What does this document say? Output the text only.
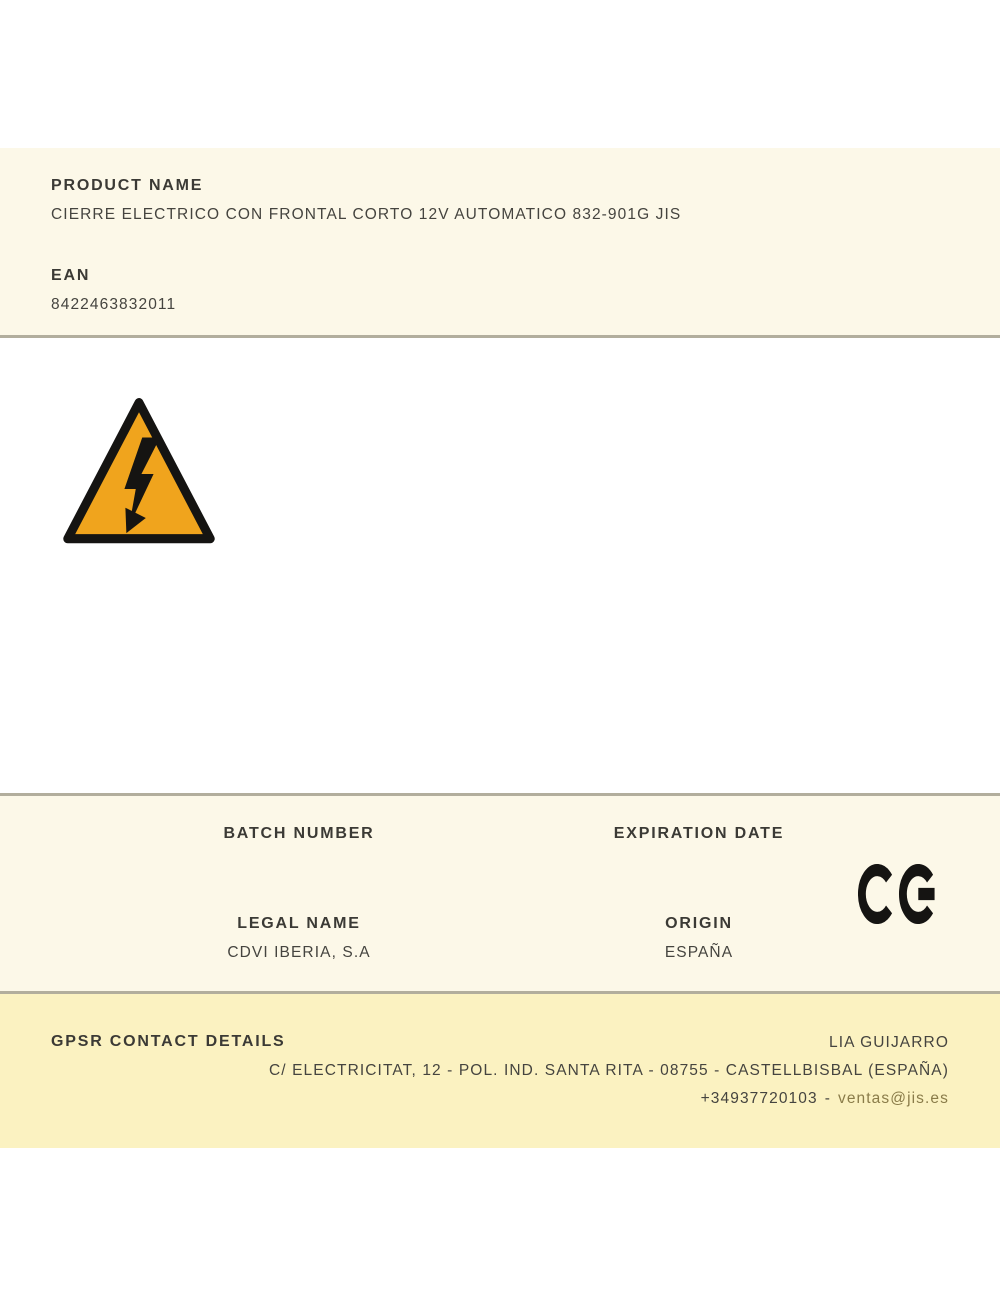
PRODUCT NAME
CIERRE ELECTRICO CON FRONTAL CORTO 12V AUTOMATICO 832-901G JIS
EAN
8422463832011
BATCH NUMBER	EXPIRATION DATE
LEGAL NAME
CDVI IBERIA, S.A
ORIGIN
ESPAÑA
GPSR CONTACT DETAILS	LIA GUIJARRO
C/ ELECTRICITAT, 12 - POL. IND. SANTA RITA - 08755 - CASTELLBISBAL (ESPAÑA)
+34937720103 - ventas@jis.es
